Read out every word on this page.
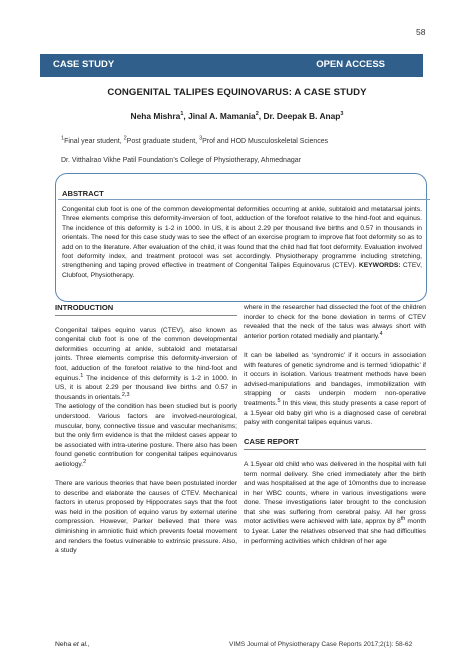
58
CASE STUDY	OPEN ACCESS
CONGENITAL TALIPES EQUINOVARUS: A CASE STUDY
Neha Mishra$^1$, Jinal A. Mamania$^2$, Dr. Deepak B. Anap$^3$
$^1$Final year student, $^2$Post graduate student, $^3$Prof and HOD Musculoskeletal Sciences
Dr. Vitthalrao Vikhe Patil Foundation’s College of Physiotherapy, Ahmednagar
ABSTRACT
Congenital club foot is one of the common developmental deformities occurring at ankle, subtaloid and metatarsal joints. Three elements comprise this deformity-inversion of foot, adduction of the forefoot relative to the hind-foot and equinus. The incidence of this deformity is 1-2 in 1000. In US, it is about 2.29 per thousand live births and 0.57 in thousands in orientals. The need for this case study was to see the effect of an exercise program to improve flat foot deformity so as to add on to the literature. After evaluation of the child, it was found that the child had flat foot deformity. Evaluation involved foot deformity index, and treatment protocol was set accordingly. Physiotherapy programme including stretching, strengthening and taping proved effective in treatment of Congenital Talipes Equinovarus (CTEV). KEYWORDS: CTEV, Clubfoot, Physiotherapy.
INTRODUCTION
Congenital talipes equino varus (CTEV), also known as congenital club foot is one of the common developmental deformities occurring at ankle, subtaloid and metatarsal joints. Three elements comprise this deformity-inversion of foot, adduction of the forefoot relative to the hind-foot and equinus.$^1$ The incidence of this deformity is 1-2 in 1000. In US, it is about 2.29 per thousand live births and 0.57 in thousands in orientals.$^{2,3}$
The aetiology of the condition has been studied but is poorly understood. Various factors are involved-neurological, muscular, bony, connective tissue and vascular mechanisms; but the only firm evidence is that the mildest cases appear to be associated with intra-uterine posture. There also has been found genetic contribution for congenital talipes equinovarus aetiology.$^2$
There are various theories that have been postulated inorder to describe and elaborate the causes of CTEV. Mechanical factors in uterus proposed by Hippocrates says that the foot was held in the position of equino varus by external uterine compression. However, Parker believed that there was diminishing in amniotic fluid which prevents foetal movement and renders the foetus vulnerable to extrinsic pressure. Also, a study
where in the researcher had dissected the foot of the children inorder to check for the bone deviation in terms of CTEV revealed that the neck of the talus was always short with anterior portion rotated medially and plantarly.$^4$
It can be labelled as ‘syndromic’ if it occurs in association with features of genetic syndrome and is termed ‘idiopathic’ if it occurs in isolation. Various treatment methods have been advised-manipulations and bandages, immobilization with strapping or casts underpin modern non-operative treatments.$^5$ In this view, this study presents a case report of a 1.5year old baby girl who is a diagnosed case of cerebral palsy with congenital talipes equinus varus.
CASE REPORT
A 1.5year old child who was delivered in the hospital with full term normal delivery. She cried immediately after the birth and was hospitalised at the age of 10months due to increase in her WBC counts, where in various investigations were done. These investigations later brought to the conclusion that she was suffering from cerebral palsy. All her gross motor activities were achieved with late, approx by 8th month to 1year. Later the relatives observed that she had difficulties in performing activities which children of her age
Neha et al.,	VIMS Journal of Physiotherapy Case Reports 2017;2(1): 58-62
